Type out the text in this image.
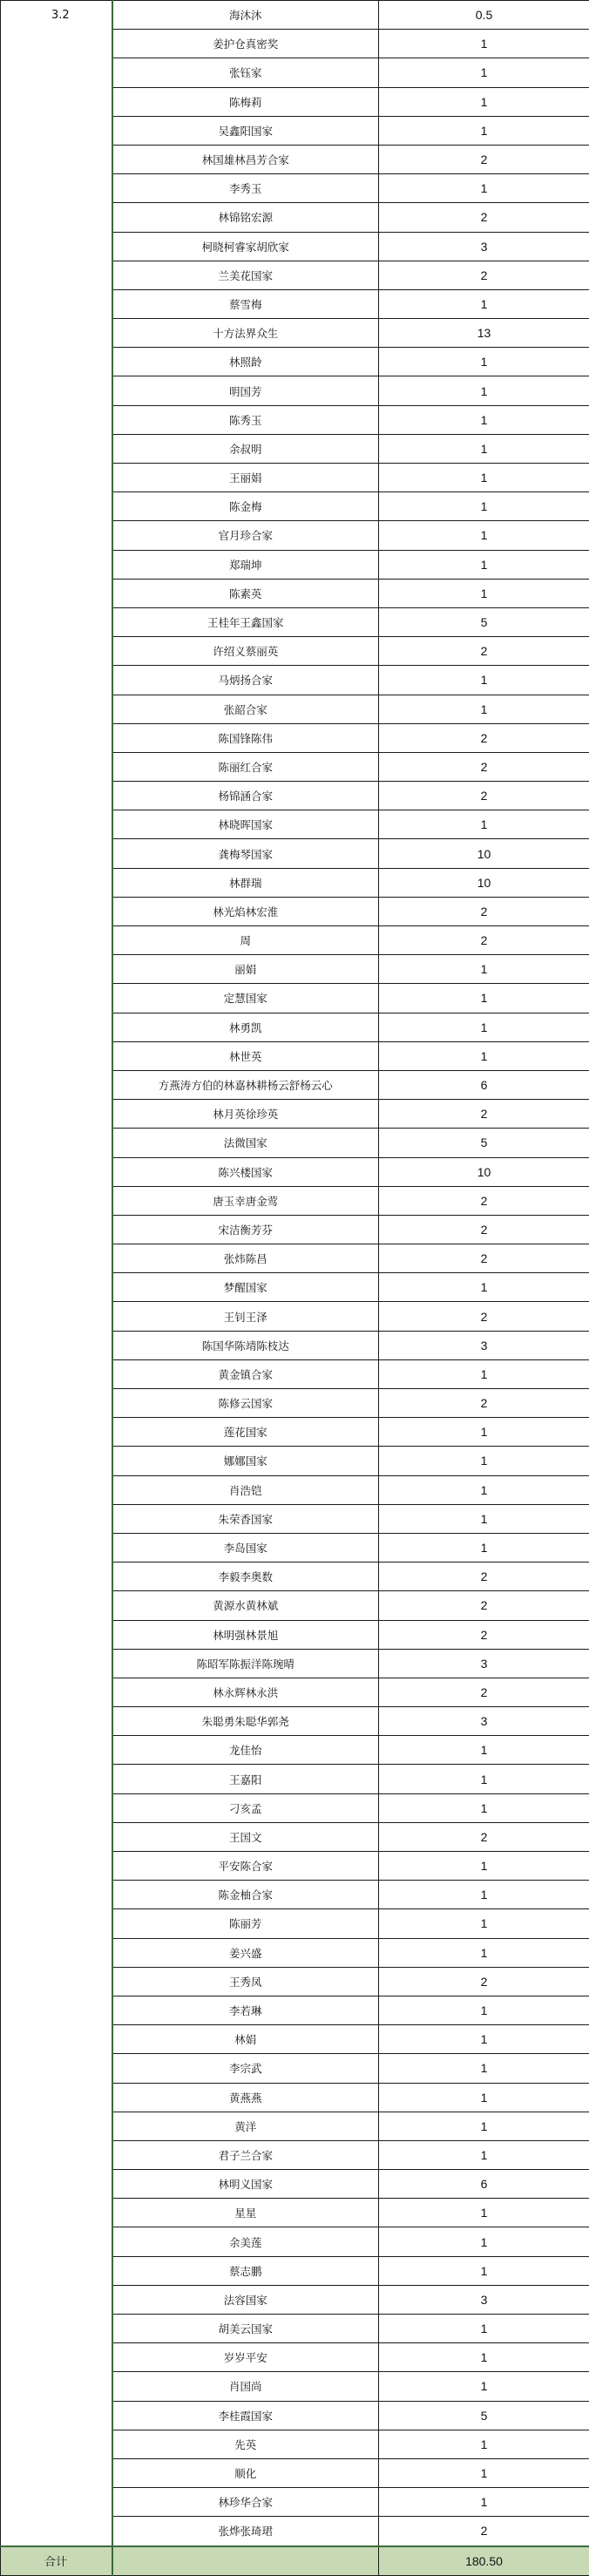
3.2	海沐沐	0.5
	姜护仓真密奖	1
	张钰家	1
	陈梅莉	1
	吴鑫阳国家	1
	林国雄林昌芳合家	2
	李秀玉	1
	林锦铭宏源	2
	柯晓柯睿家胡欣家	3
	兰美花国家	2
	蔡雪梅	1
	十方法界众生	13
	林照龄	1
	明国芳	1
	陈秀玉	1
	余叔明	1
	王丽娟	1
	陈金梅	1
	官月珍合家	1
	郑瑞坤	1
	陈素英	1
	王桂年王鑫国家	5
	许绍义蔡丽英	2
	马炳扬合家	1
	张韶合家	1
	陈国锋陈伟	2
	陈丽红合家	2
	杨锦涵合家	2
	林晓晖国家	1
	龚梅琴国家	10
	林群瑞	10
	林光焰林宏淮	2
	周	2
	丽娟	1
	定慧国家	1
	林勇凯	1
	林世英	1
	方燕涛方伯的林嘉林耕杨云舒杨云心	6
	林月英徐珍英	2
	法微国家	5
	陈兴楼国家	10
	唐玉幸唐金莺	2
	宋洁衡芳芬	2
	张炜陈昌	2
	梦醒国家	1
	王钊王泽	2
	陈国华陈靖陈枝达	3
	黄金镇合家	1
	陈修云国家	2
	莲花国家	1
	娜娜国家	1
	肖浩铠	1
	朱荣香国家	1
	李岛国家	1
	李毅李奥数	2
	黄源水黄林斌	2
	林明强林景旭	2
	陈昭军陈振洋陈琬晴	3
	林永辉林永洪	2
	朱聪勇朱聪华郭尧	3
	龙佳怡	1
	王嘉阳	1
	刁亥孟	1
	王国文	2
	平安陈合家	1
	陈金柚合家	1
	陈丽芳	1
	姜兴盛	1
	王秀凤	2
	李若琳	1
	林娟	1
	李宗武	1
	黄燕燕	1
	黄洋	1
	君子兰合家	1
	林明义国家	6
	星星	1
	余美莲	1
	蔡志鹏	1
	法容国家	3
	胡美云国家	1
	岁岁平安	1
	肖国尚	1
	李桂霞国家	5
	先英	1
	顺化	1
	林珍华合家	1
	张烨张琦珺	2
合计		180.50
